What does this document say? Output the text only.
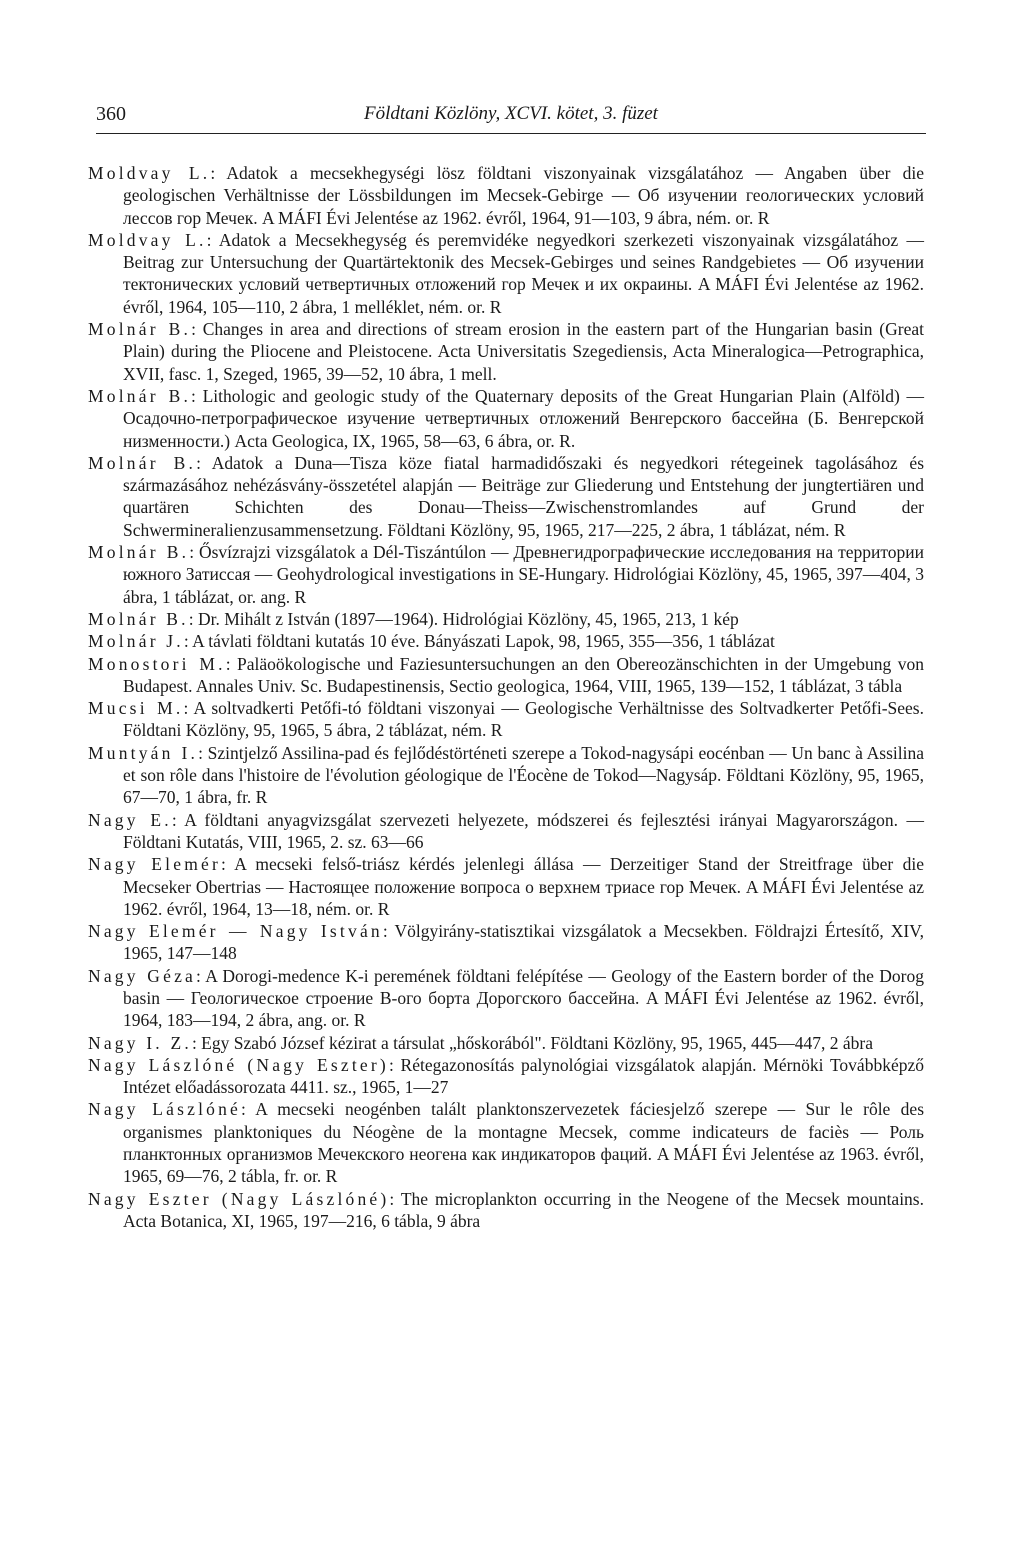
360	Földtani Közlöny, XCVI. kötet, 3. füzet

Moldvay L.: Adatok a mecsekhegységi lösz földtani viszonyainak vizsgálatához — Angaben über die geologischen Verhältnisse der Lössbildungen im Mecsek-Gebirge — Об изучении геологических условий лессов гор Мечек. A MÁFI Évi Jelentése az 1962. évről, 1964, 91—103, 9 ábra, ném. or. R

Moldvay L.: Adatok a Mecsekhegység és peremvidéke negyedkori szerkezeti viszonyainak vizsgálatához — Beitrag zur Untersuchung der Quartärtektonik des Mecsek-Gebirges und seines Randgebietes — Об изучении тектонических условий четвертичных отложений гор Мечек и их окраины. A MÁFI Évi Jelentése az 1962. évről, 1964, 105—110, 2 ábra, 1 melléklet, ném. or. R

Molnár B.: Changes in area and directions of stream erosion in the eastern part of the Hungarian basin (Great Plain) during the Pliocene and Pleistocene. Acta Universitatis Szegediensis, Acta Mineralogica—Petrographica, XVII, fasc. 1, Szeged, 1965, 39—52, 10 ábra, 1 mell.

Molnár B.: Lithologic and geologic study of the Quaternary deposits of the Great Hungarian Plain (Alföld) — Осадочно-петрографическое изучение четвертичных отложений Венгерского бассейна (Б. Венгерской низменности.) Acta Geologica, IX, 1965, 58—63, 6 ábra, or. R.

Molnár B.: Adatok a Duna—Tisza köze fiatal harmadidőszaki és negyedkori rétegeinek tagolásához és származásához nehézásvány-összetétel alapján — Beiträge zur Gliederung und Entstehung der jungtertiären und quartären Schichten des Donau—Theiss—Zwischenstromlandes auf Grund der Schwermineralienzusammensetzung. Földtani Közlöny, 95, 1965, 217—225, 2 ábra, 1 táblázat, ném. R

Molnár B.: Ősvízrajzi vizsgálatok a Dél-Tiszántúlon — Древнегидрографические исследования на территории южного Затиссая — Geohydrological investigations in SE-Hungary. Hidrológiai Közlöny, 45, 1965, 397—404, 3 ábra, 1 táblázat, or. ang. R

Molnár B.: Dr. Mihált z István (1897—1964). Hidrológiai Közlöny, 45, 1965, 213, 1 kép

Molnár J.: A távlati földtani kutatás 10 éve. Bányászati Lapok, 98, 1965, 355—356, 1 táblázat

Monostori M.: Paläoökologische und Faziesuntersuchungen an den Obereozänschichten in der Umgebung von Budapest. Annales Univ. Sc. Budapestinensis, Sectio geologica, 1964, VIII, 1965, 139—152, 1 táblázat, 3 tábla

Mucsi M.: A soltvadkerti Petőfi-tó földtani viszonyai — Geologische Verhältnisse des Soltvadkerter Petőfi-Sees. Földtani Közlöny, 95, 1965, 5 ábra, 2 táblázat, ném. R

Muntyán I.: Szintjelző Assilina-pad és fejlődéstörténeti szerepe a Tokod-nagysápi eocénban — Un banc à Assilina et son rôle dans l'histoire de l'évolution géologique de l'Éocène de Tokod—Nagysáp. Földtani Közlöny, 95, 1965, 67—70, 1 ábra, fr. R

Nagy E.: A földtani anyagvizsgálat szervezeti helyezete, módszerei és fejlesztési irányai Magyarországon. — Földtani Kutatás, VIII, 1965, 2. sz. 63—66

Nagy Elemér: A mecseki felső-triász kérdés jelenlegi állása — Derzeitiger Stand der Streitfrage über die Mecseker Obertrias — Настоящее положение вопроса о верхнем триасе гор Мечек. A MÁFI Évi Jelentése az 1962. évről, 1964, 13—18, ném. or. R

Nagy Elemér — Nagy István: Völgyirány-statisztikai vizsgálatok a Mecsekben. Földrajzi Értesítő, XIV, 1965, 147—148

Nagy Géza: A Dorogi-medence K-i peremének földtani felépítése — Geology of the Eastern border of the Dorog basin — Геологическое строение В-ого борта Дорогского бассейна. A MÁFI Évi Jelentése az 1962. évről, 1964, 183—194, 2 ábra, ang. or. R

Nagy I. Z.: Egy Szabó József kézirat a társulat „hőskorából". Földtani Közlöny, 95, 1965, 445—447, 2 ábra

Nagy Lászlóné (Nagy Eszter): Rétegazonosítás palynológiai vizsgálatok alapján. Mérnöki Továbbképző Intézet előadássorozata 4411. sz., 1965, 1—27

Nagy Lászlóné: A mecseki neogénben talált planktonszervezetek fáciesjelző szerepe — Sur le rôle des organismes planktoniques du Néogène de la montagne Mecsek, comme indicateurs de faciès — Роль планктонных организмов Мечекского неогена как индикаторов фаций. A MÁFI Évi Jelentése az 1963. évről, 1965, 69—76, 2 tábla, fr. or. R

Nagy Eszter (Nagy Lászlóné): The microplankton occurring in the Neogene of the Mecsek mountains. Acta Botanica, XI, 1965, 197—216, 6 tábla, 9 ábra
